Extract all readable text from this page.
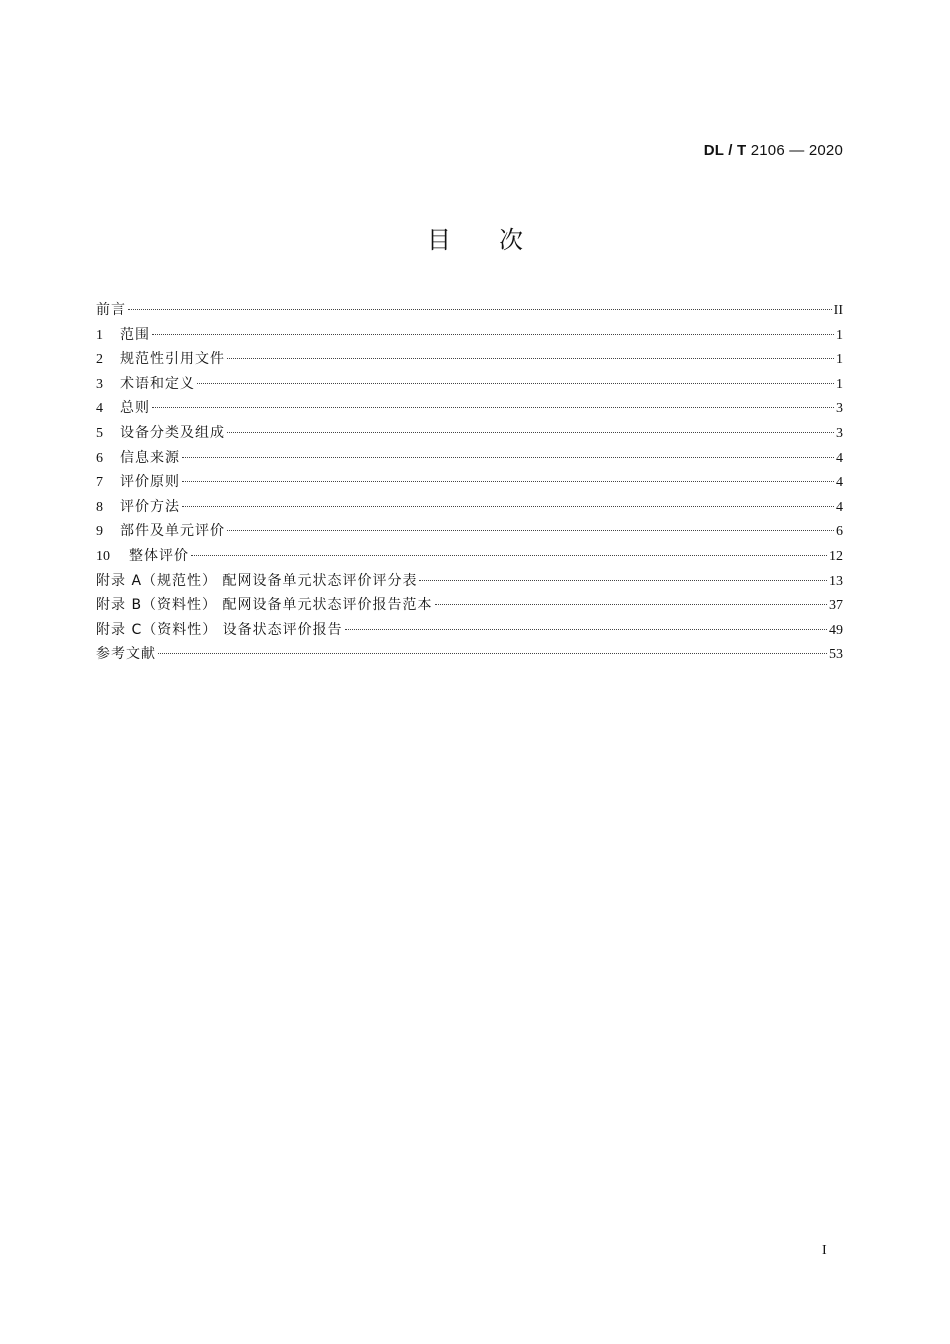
DL / T 2106 — 2020
目次
前言	II
1	范围	1
2	规范性引用文件	1
3	术语和定义	1
4	总则	3
5	设备分类及组成	3
6	信息来源	4
7	评价原则	4
8	评价方法	4
9	部件及单元评价	6
10	整体评价	12
附录 A（规范性） 配网设备单元状态评价评分表	13
附录 B（资料性） 配网设备单元状态评价报告范本	37
附录 C（资料性） 设备状态评价报告	49
参考文献	53
I
